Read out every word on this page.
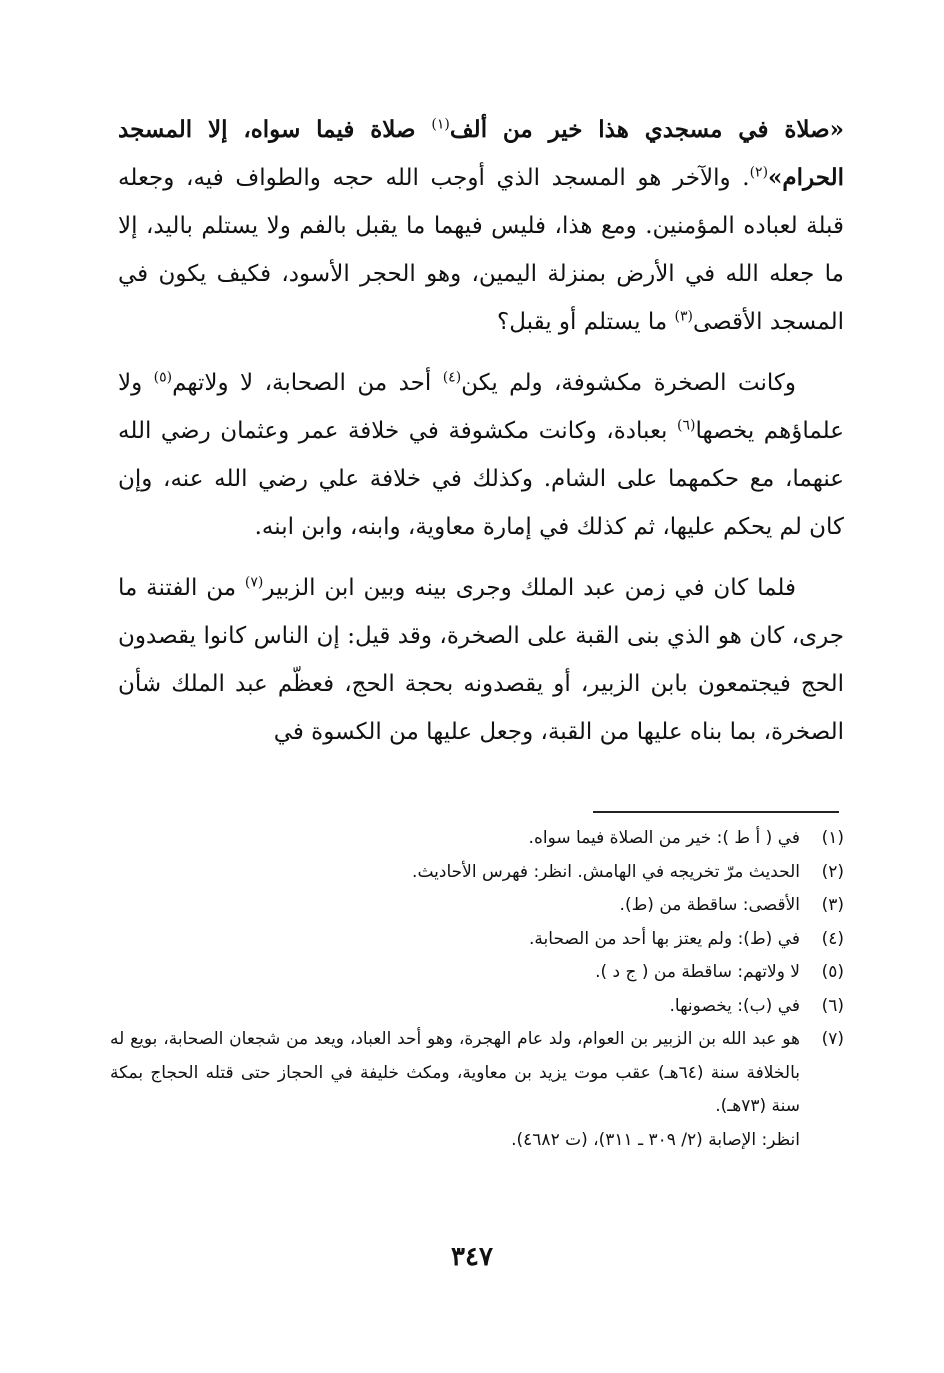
«صلاة في مسجدي هذا خير من ألف$^{(١)}$ صلاة فيما سواه، إلا المسجد الحرام»$^{(٢)}$. والآخر هو المسجد الذي أوجب الله حجه والطواف فيه، وجعله قبلة لعباده المؤمنين. ومع هذا، فليس فيهما ما يقبل بالفم ولا يستلم باليد، إلا ما جعله الله في الأرض بمنزلة اليمين، وهو الحجر الأسود، فكيف يكون في المسجد الأقصى$^{(٣)}$ ما يستلم أو يقبل؟

وكانت الصخرة مكشوفة، ولم يكن$^{(٤)}$ أحد من الصحابة، لا ولاتهم$^{(٥)}$ ولا علماؤهم يخصها$^{(٦)}$ بعبادة، وكانت مكشوفة في خلافة عمر وعثمان رضي الله عنهما، مع حكمهما على الشام. وكذلك في خلافة علي رضي الله عنه، وإن كان لم يحكم عليها، ثم كذلك في إمارة معاوية، وابنه، وابن ابنه.

فلما كان في زمن عبد الملك وجرى بينه وبين ابن الزبير$^{(٧)}$ من الفتنة ما جرى، كان هو الذي بنى القبة على الصخرة، وقد قيل: إن الناس كانوا يقصدون الحج فيجتمعون بابن الزبير، أو يقصدونه بحجة الحج، فعظّم عبد الملك شأن الصخرة، بما بناه عليها من القبة، وجعل عليها من الكسوة في

(١)
في ( أ ط ): خير من الصلاة فيما سواه.
(٢)
الحديث مرّ تخريجه في الهامش. انظر: فهرس الأحاديث.
(٣)
الأقصى: ساقطة من (ط).
(٤)
في (ط): ولم يعتز بها أحد من الصحابة.
(٥)
لا ولاتهم: ساقطة من ( ج د ).
(٦)
في (ب): يخصونها.
(٧)
هو عبد الله بن الزبير بن العوام، ولد عام الهجرة، وهو أحد العباد، ويعد من شجعان الصحابة، بويع له بالخلافة سنة (٦٤هـ) عقب موت يزيد بن معاوية، ومكث خليفة في الحجاز حتى قتله الحجاج بمكة سنة (٧٣هـ).
انظر: الإصابة (٢/ ٣٠٩ ـ ٣١١)، (ت ٤٦٨٢).
٣٤٧
